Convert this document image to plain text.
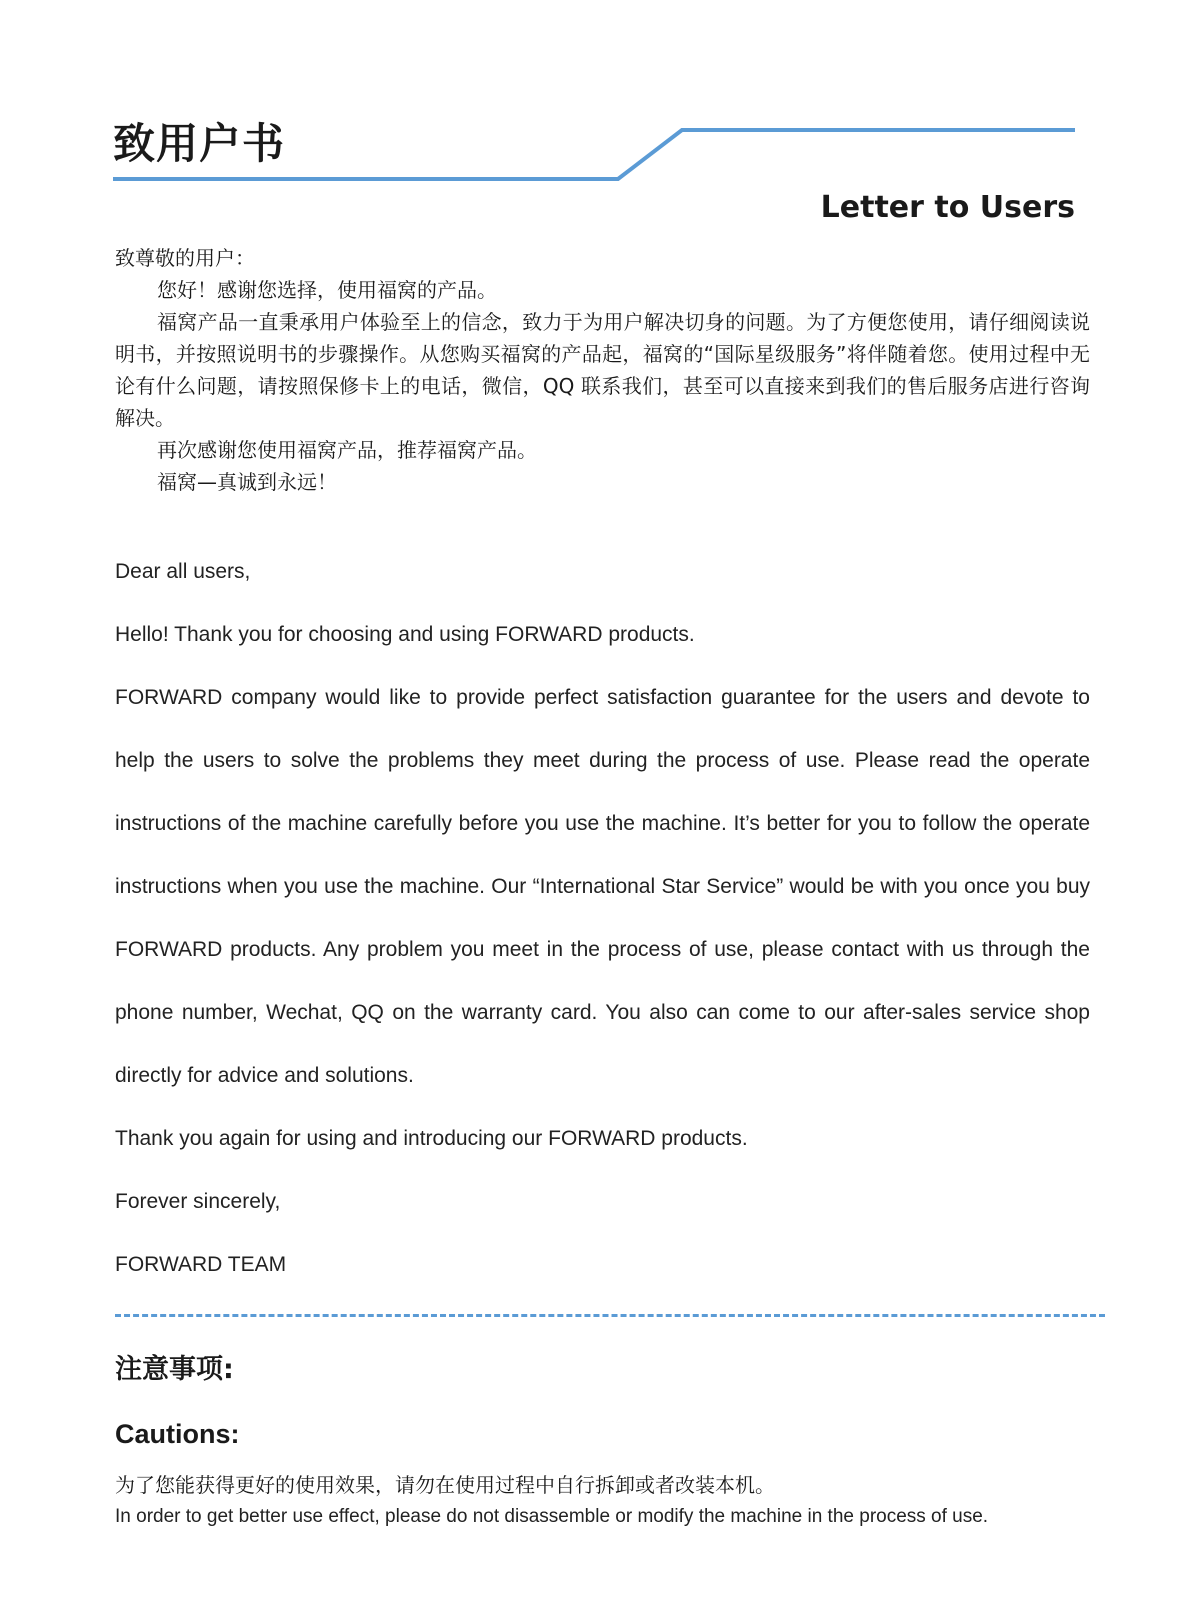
致用户书
Letter to Users

致尊敬的用户：

您好！感谢您选择，使用福窝的产品。

福窝产品一直秉承用户体验至上的信念，致力于为用户解决切身的问题。为了方便您使用，请仔细阅读说明书，并按照说明书的步骤操作。从您购买福窝的产品起，福窝的“国际星级服务”将伴随着您。使用过程中无论有什么问题，请按照保修卡上的电话，微信，QQ 联系我们，甚至可以直接来到我们的售后服务店进行咨询解决。

再次感谢您使用福窝产品，推荐福窝产品。

福窝—真诚到永远！

Dear all users,

Hello! Thank you for choosing and using FORWARD products.

FORWARD company would like to provide perfect satisfaction guarantee for the users and devote to help the users to solve the problems they meet during the process of use. Please read the operate instructions of the machine carefully before you use the machine. It’s better for you to follow the operate instructions when you use the machine. Our “International Star Service” would be with you once you buy FORWARD products. Any problem you meet in the process of use, please contact with us through the phone number, Wechat, QQ on the warranty card. You also can come to our after-sales service shop directly for advice and solutions.

Thank you again for using and introducing our FORWARD products.

Forever sincerely,

FORWARD TEAM

注意事项:
Cautions:

为了您能获得更好的使用效果，请勿在使用过程中自行拆卸或者改装本机。

In order to get better use effect, please do not disassemble or modify the machine in the process of use.
